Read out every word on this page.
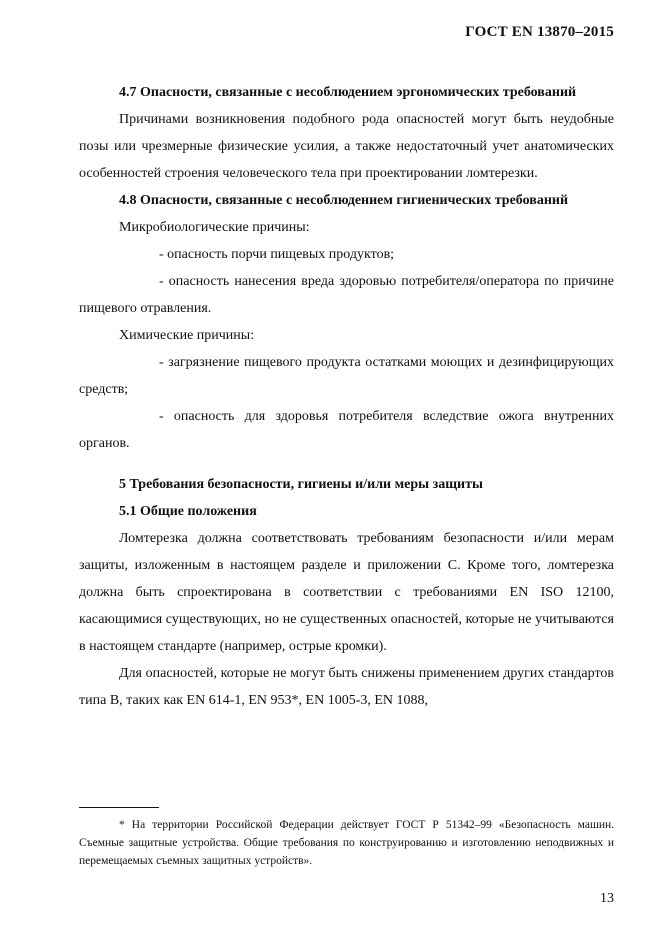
ГОСТ EN 13870–2015

4.7 Опасности, связанные с несоблюдением эргономических требований

Причинами возникновения подобного рода опасностей могут быть неудобные позы или чрезмерные физические усилия, а также недостаточный учет анатомических особенностей строения человеческого тела при проектировании ломтерезки.

4.8 Опасности, связанные с несоблюдением гигиенических требований

Микробиологические причины:

- опасность порчи пищевых продуктов;

- опасность нанесения вреда здоровью потребителя/оператора по причине пищевого отравления.

Химические причины:

- загрязнение пищевого продукта остатками моющих и дезинфицирующих средств;

- опасность для здоровья потребителя вследствие ожога внутренних органов.

5 Требования безопасности, гигиены и/или меры защиты

5.1 Общие положения

Ломтерезка должна соответствовать требованиям безопасности и/или мерам защиты, изложенным в настоящем разделе и приложении С. Кроме того, ломтерезка должна быть спроектирована в соответствии с требованиями EN ISO 12100, касающимися существующих, но не существенных опасностей, которые не учитываются в настоящем стандарте (например, острые кромки).

Для опасностей, которые не могут быть снижены применением других стандартов типа В, таких как EN 614-1, EN 953*, EN 1005-3, EN 1088,

* На территории Российской Федерации действует ГОСТ Р 51342–99 «Безопасность машин. Съемные защитные устройства. Общие требования по конструированию и изготовлению неподвижных и перемещаемых съемных защитных устройств».
13
